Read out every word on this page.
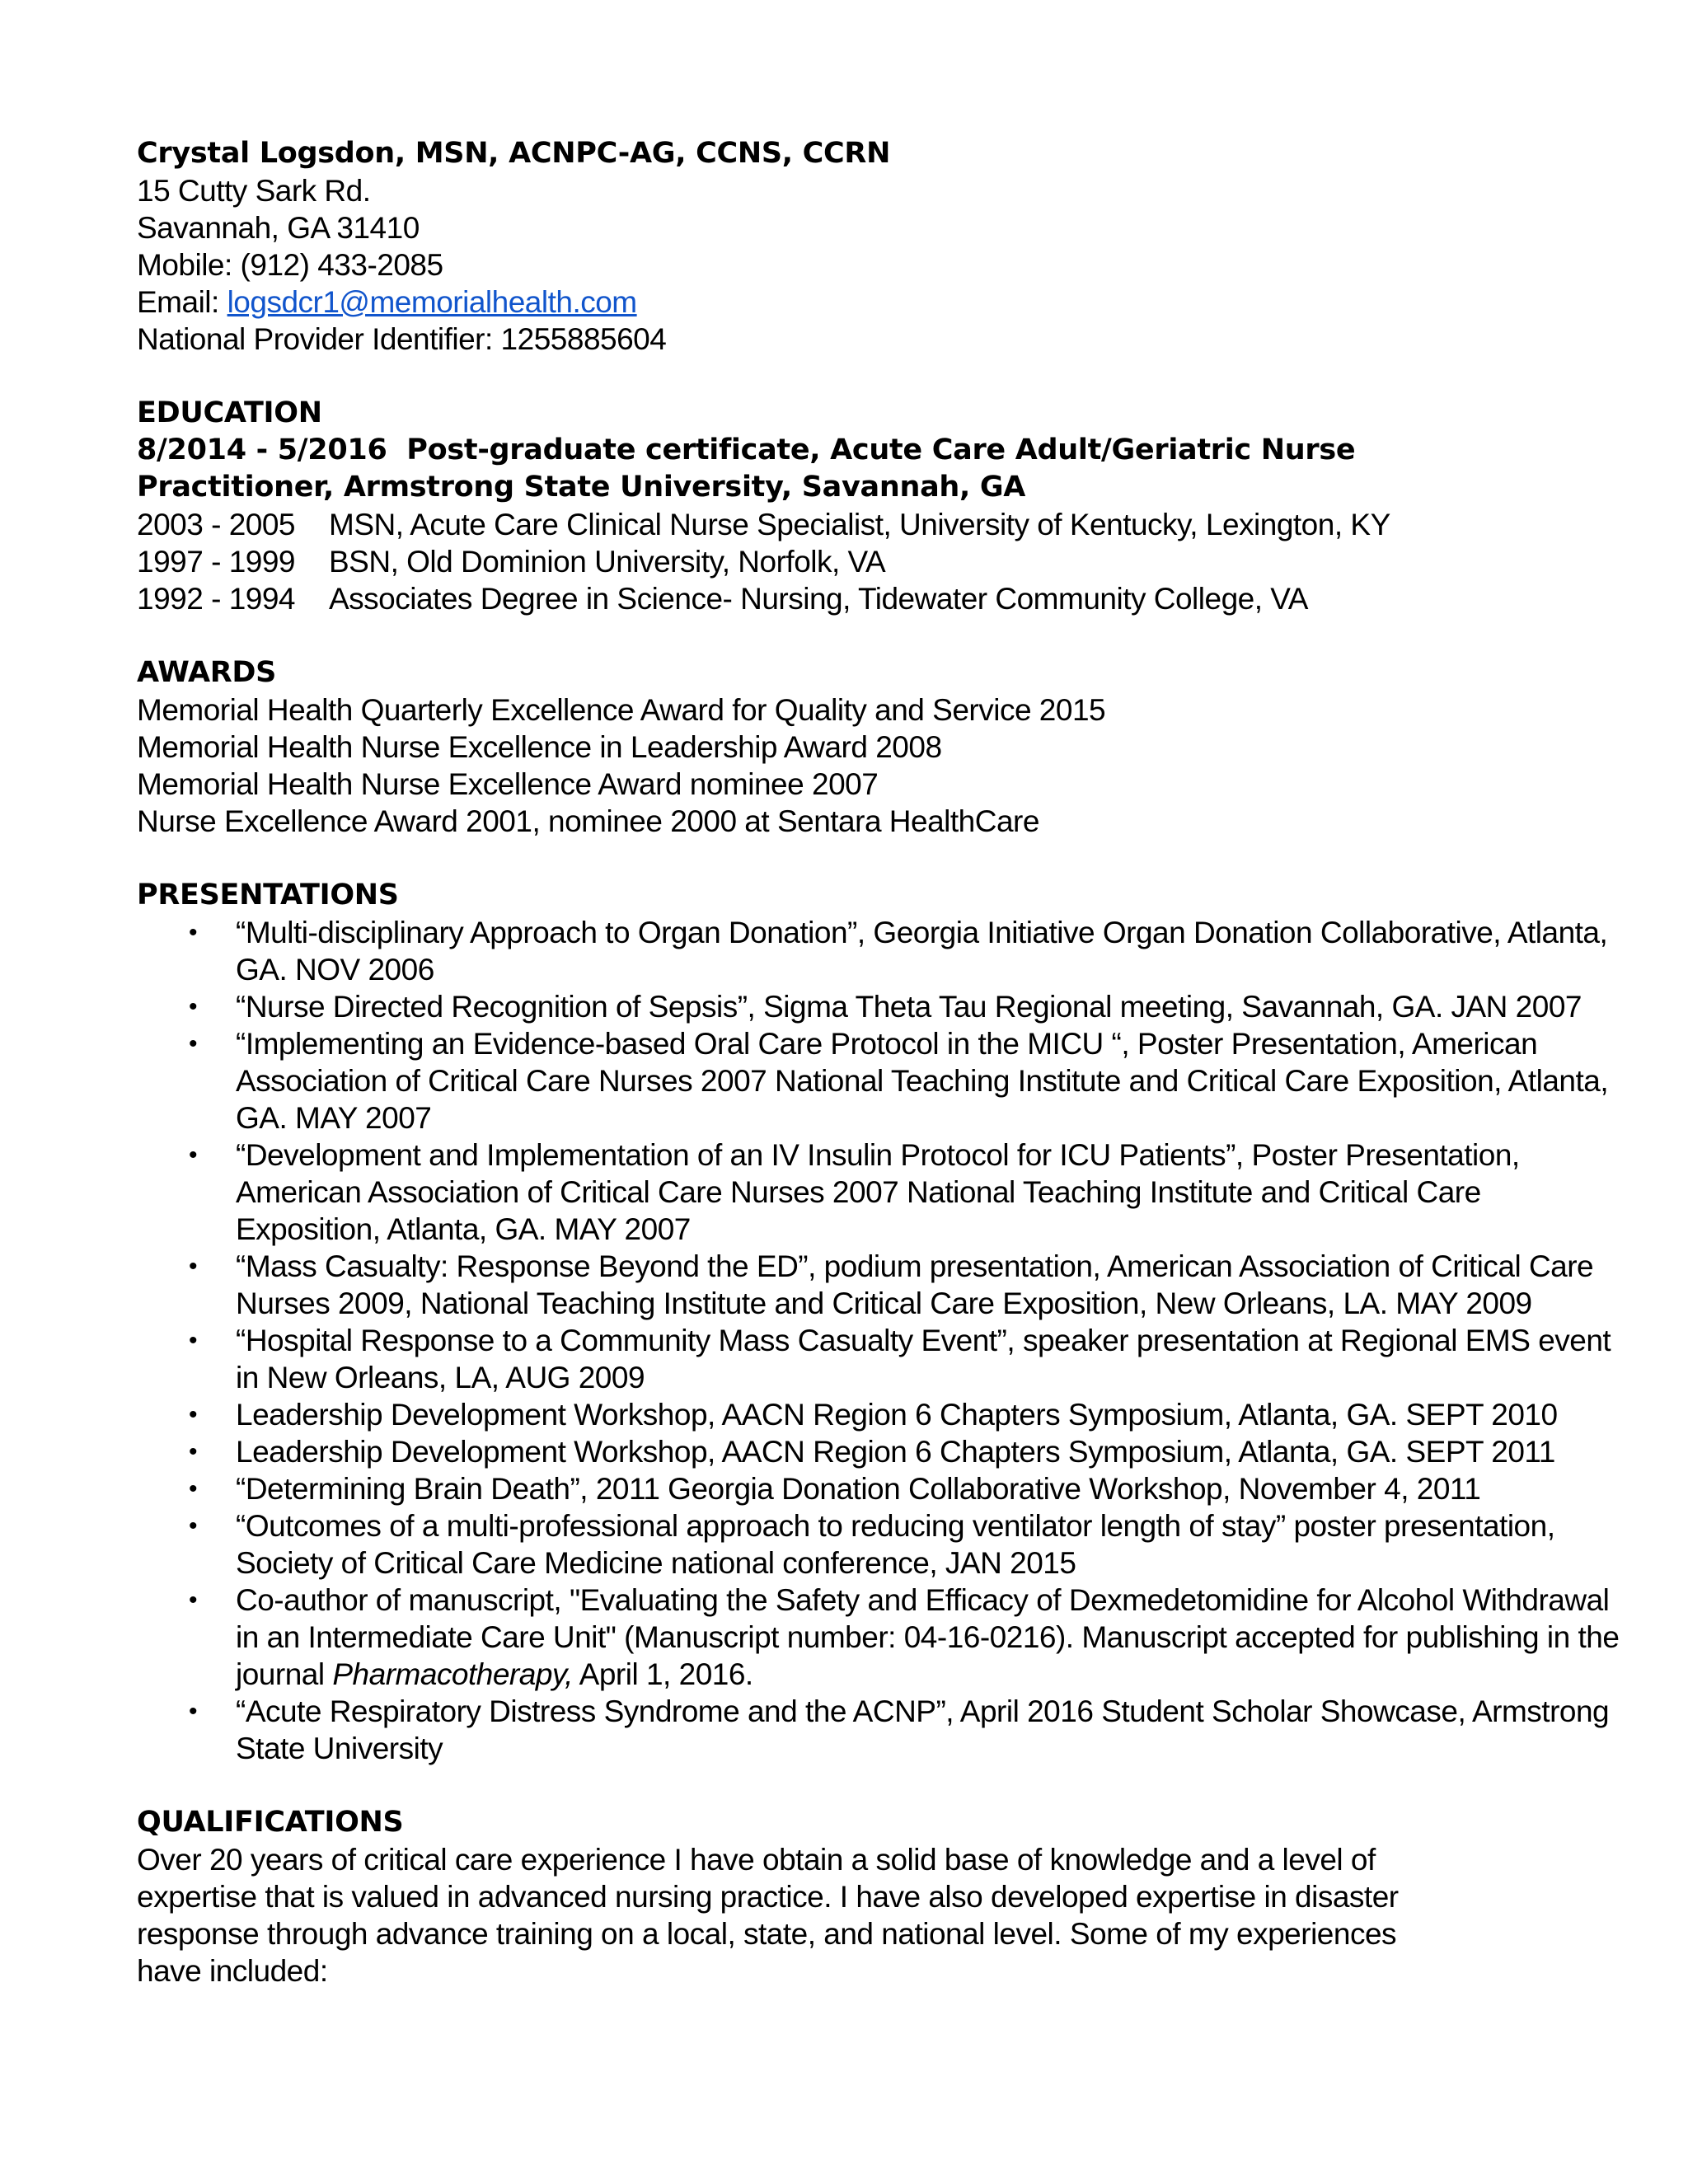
Crystal Logsdon, MSN, ACNPC-AG, CCNS, CCRN
15 Cutty Sark Rd.
Savannah, GA 31410
Mobile: (912) 433-2085
Email: logsdcr1@memorialhealth.com
National Provider Identifier: 1255885604
EDUCATION
8/2014 - 5/2016  Post-graduate certificate, Acute Care Adult/Geriatric Nurse
Practitioner, Armstrong State University, Savannah, GA
2003 - 2005	MSN, Acute Care Clinical Nurse Specialist, University of Kentucky, Lexington, KY
1997 - 1999	BSN, Old Dominion University, Norfolk, VA
1992 - 1994	Associates Degree in Science- Nursing, Tidewater Community College, VA
AWARDS
Memorial Health Quarterly Excellence Award for Quality and Service 2015
Memorial Health Nurse Excellence in Leadership Award 2008
Memorial Health Nurse Excellence Award nominee 2007
Nurse Excellence Award 2001, nominee 2000 at Sentara HealthCare
PRESENTATIONS
• “Multi-disciplinary Approach to Organ Donation”, Georgia Initiative Organ Donation Collaborative, Atlanta, GA. NOV 2006
• “Nurse Directed Recognition of Sepsis”, Sigma Theta Tau Regional meeting, Savannah, GA. JAN 2007
• “Implementing an Evidence-based Oral Care Protocol in the MICU “, Poster Presentation, American Association of Critical Care Nurses 2007 National Teaching Institute and Critical Care Exposition, Atlanta, GA. MAY 2007
• “Development and Implementation of an IV Insulin Protocol for ICU Patients”, Poster Presentation, American Association of Critical Care Nurses 2007 National Teaching Institute and Critical Care Exposition, Atlanta, GA. MAY 2007
• “Mass Casualty: Response Beyond the ED”, podium presentation, American Association of Critical Care Nurses 2009, National Teaching Institute and Critical Care Exposition, New Orleans, LA. MAY 2009
• “Hospital Response to a Community Mass Casualty Event”, speaker presentation at Regional EMS event in New Orleans, LA, AUG 2009
• Leadership Development Workshop, AACN Region 6 Chapters Symposium, Atlanta, GA. SEPT 2010
• Leadership Development Workshop, AACN Region 6 Chapters Symposium, Atlanta, GA. SEPT 2011
• “Determining Brain Death”, 2011 Georgia Donation Collaborative Workshop, November 4, 2011
• “Outcomes of a multi-professional approach to reducing ventilator length of stay” poster presentation, Society of Critical Care Medicine national conference, JAN 2015
• Co-author of manuscript, "Evaluating the Safety and Efficacy of Dexmedetomidine for Alcohol Withdrawal in an Intermediate Care Unit" (Manuscript number: 04-16-0216). Manuscript accepted for publishing in the journal Pharmacotherapy, April 1, 2016.
• “Acute Respiratory Distress Syndrome and the ACNP”, April 2016 Student Scholar Showcase, Armstrong State University
QUALIFICATIONS
Over 20 years of critical care experience I have obtain a solid base of knowledge and a level of expertise that is valued in advanced nursing practice. I have also developed expertise in disaster response through advance training on a local, state, and national level. Some of my experiences have included:
